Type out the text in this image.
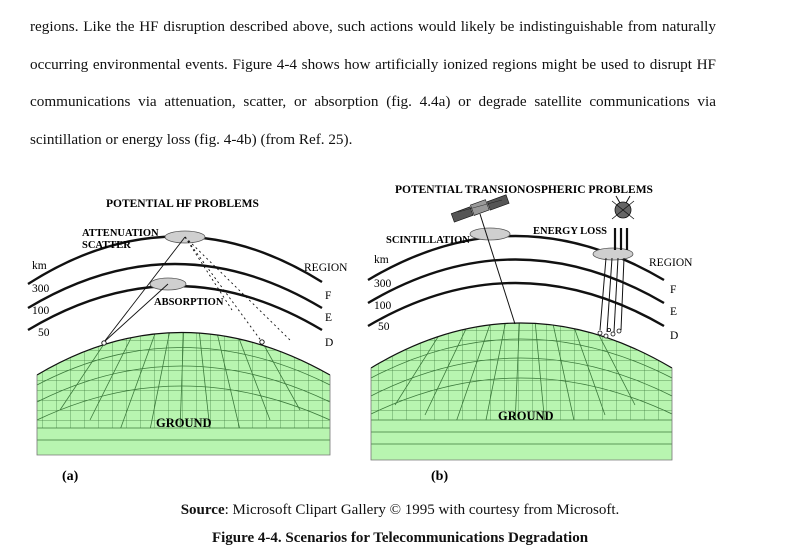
regions. Like the HF disruption described above, such actions would likely be indistinguishable from naturally occurring environmental events. Figure 4-4 shows how artificially ionized regions might be used to disrupt HF communications via attenuation, scatter, or absorption (fig. 4.4a) or degrade satellite communications via scintillation or energy loss (fig. 4-4b) (from Ref. 25).

POTENTIAL HF PROBLEMS
ATTENUATION
SCATTER
ABSORPTION
km
300
100
50
REGION
F
E
D
GROUND
(a)
POTENTIAL TRANSIONOSPHERIC PROBLEMS
SCINTILLATION
ENERGY LOSS
km
300
100
50
REGION
F
E
D
GROUND
(b)
Source: Microsoft Clipart Gallery © 1995 with courtesy from Microsoft.
Figure 4-4. Scenarios for Telecommunications Degradation
